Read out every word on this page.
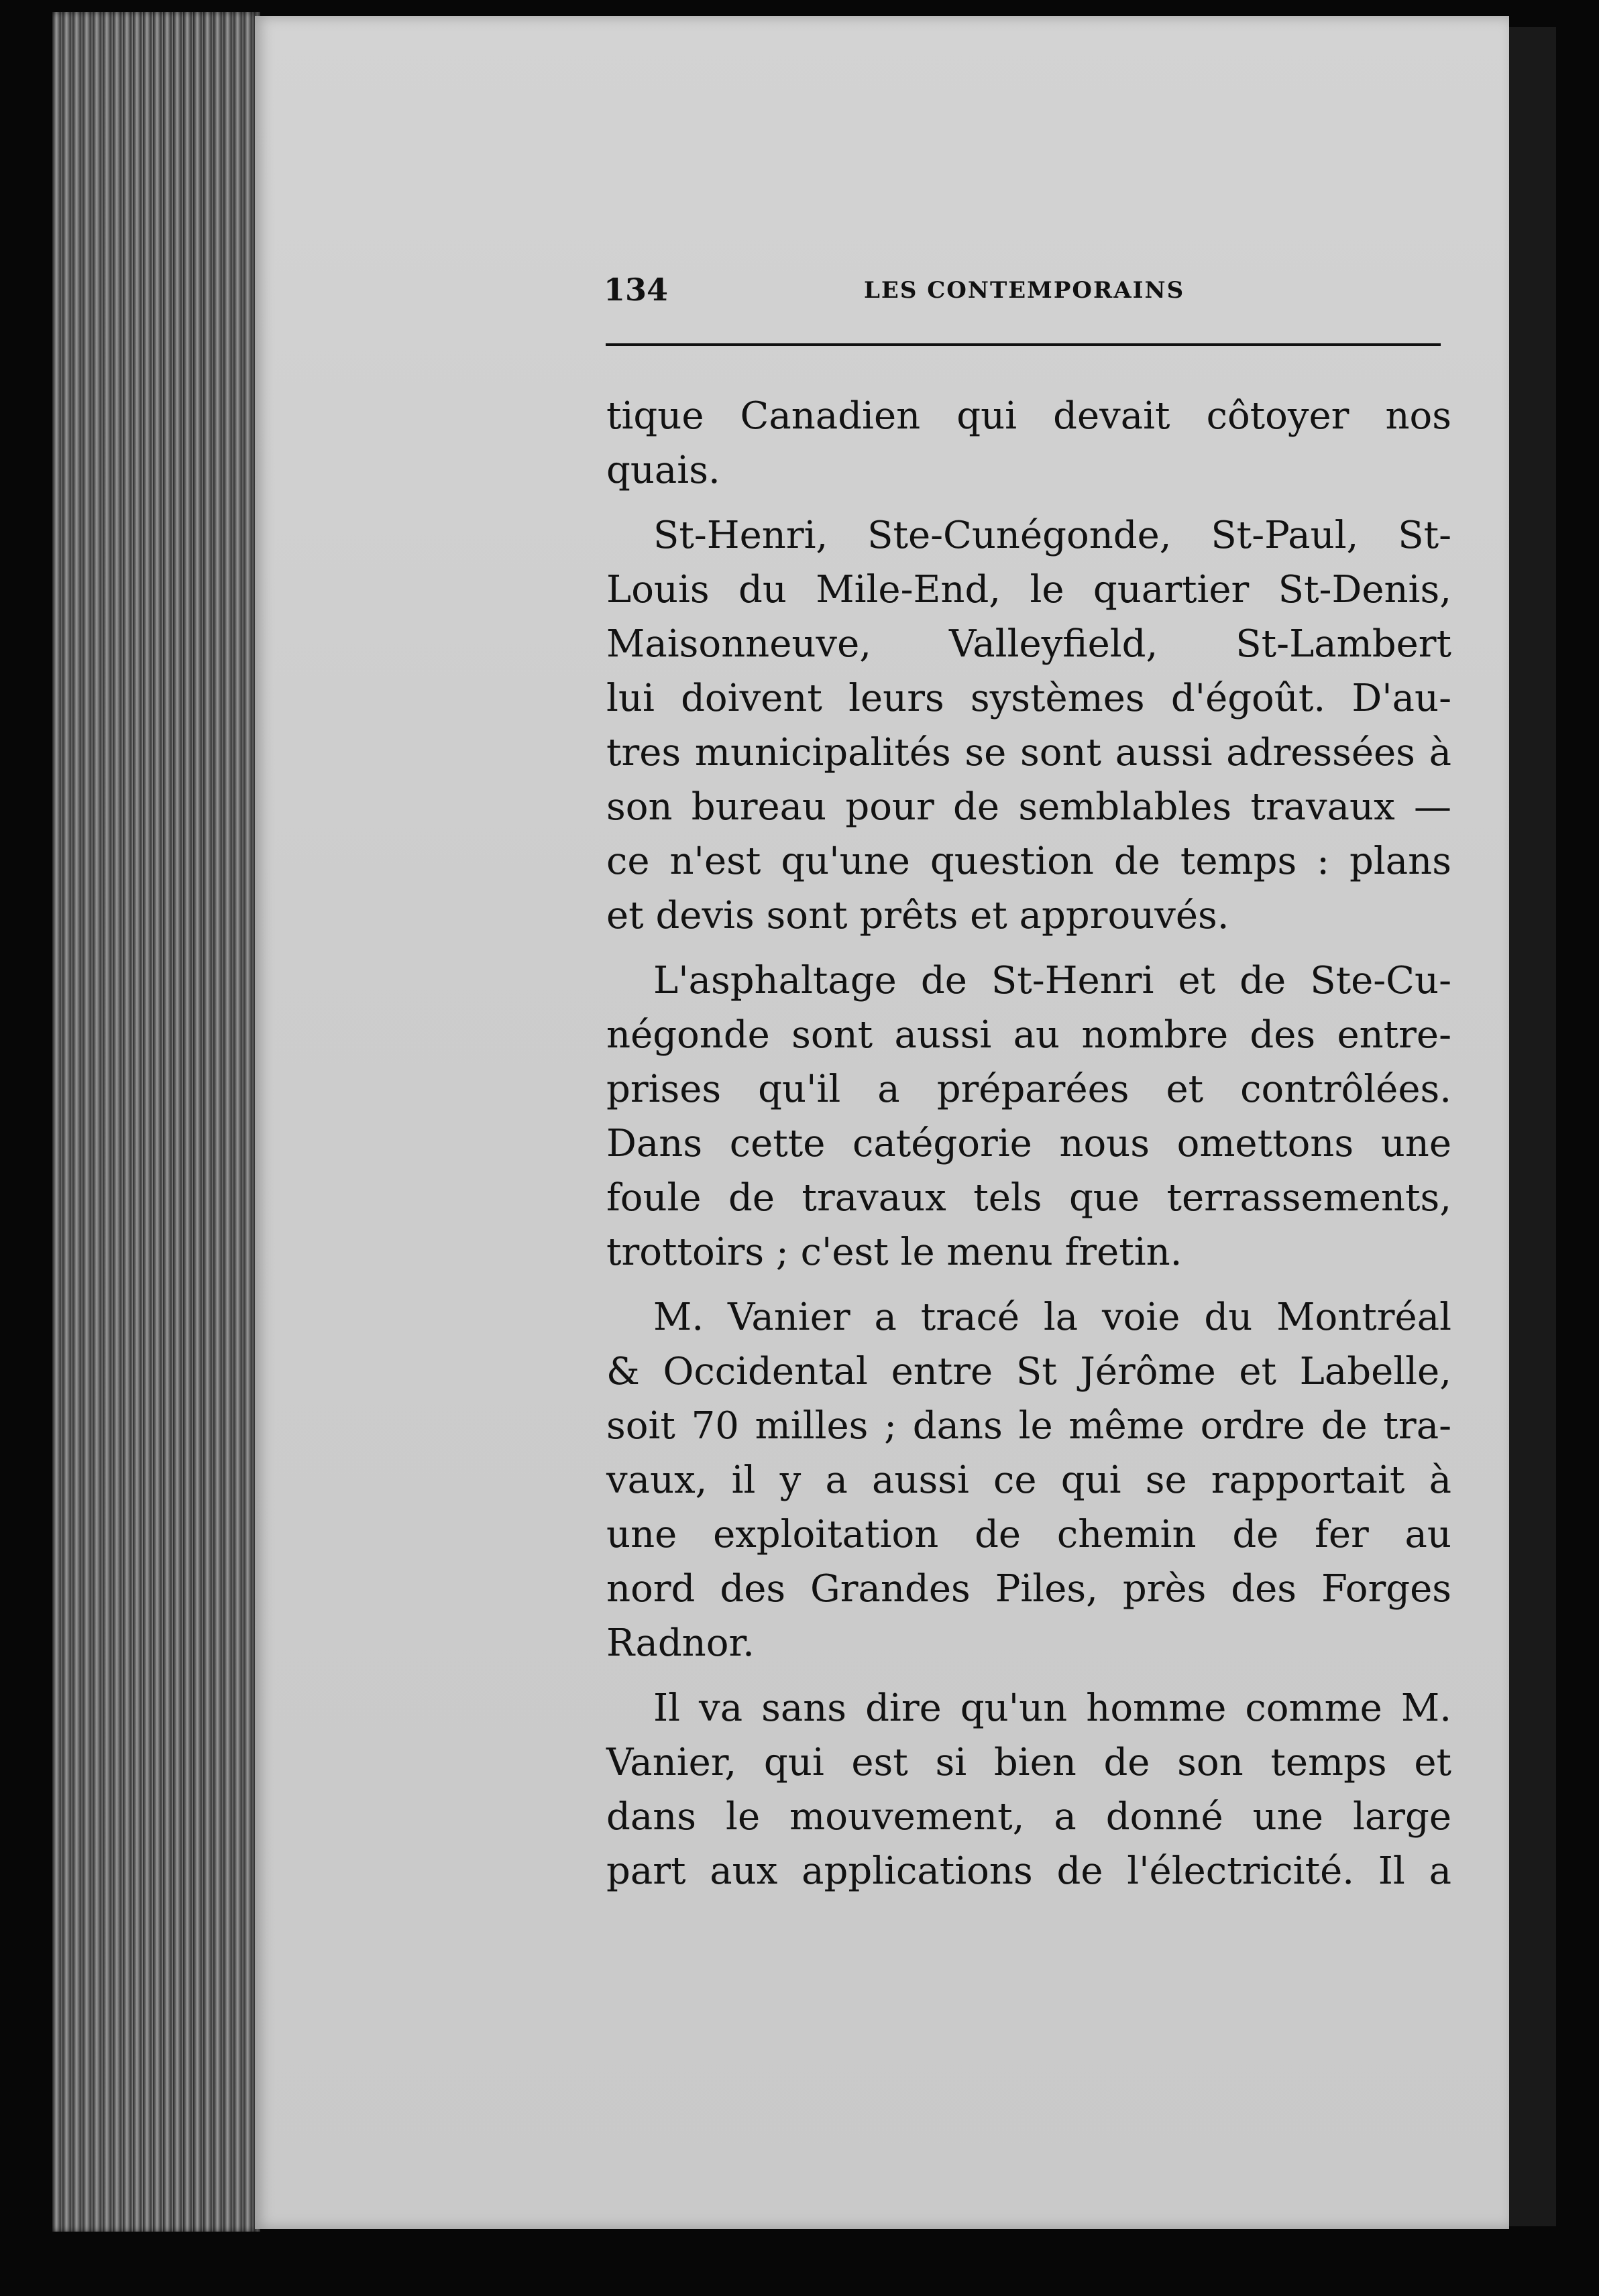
134	LES CONTEMPORAINS
tique Canadien qui devait côtoyer nos
quais.
St-Henri, Ste-Cunégonde, St-Paul, St-
Louis du Mile-End, le quartier St-Denis,
Maisonneuve, Valleyfield, St-Lambert
lui doivent leurs systèmes d'égoût. D'au-
tres municipalités se sont aussi adressées à
son bureau pour de semblables travaux —
ce n'est qu'une question de temps : plans
et devis sont prêts et approuvés.
L'asphaltage de St-Henri et de Ste-Cu-
négonde sont aussi au nombre des entre-
prises qu'il a préparées et contrôlées.
Dans cette catégorie nous omettons une
foule de travaux tels que terrassements,
trottoirs ; c'est le menu fretin.
M. Vanier a tracé la voie du Montréal
& Occidental entre St Jérôme et Labelle,
soit 70 milles ; dans le même ordre de tra-
vaux, il y a aussi ce qui se rapportait à
une exploitation de chemin de fer au
nord des Grandes Piles, près des Forges
Radnor.
Il va sans dire qu'un homme comme M.
Vanier, qui est si bien de son temps et
dans le mouvement, a donné une large
part aux applications de l'électricité. Il a
